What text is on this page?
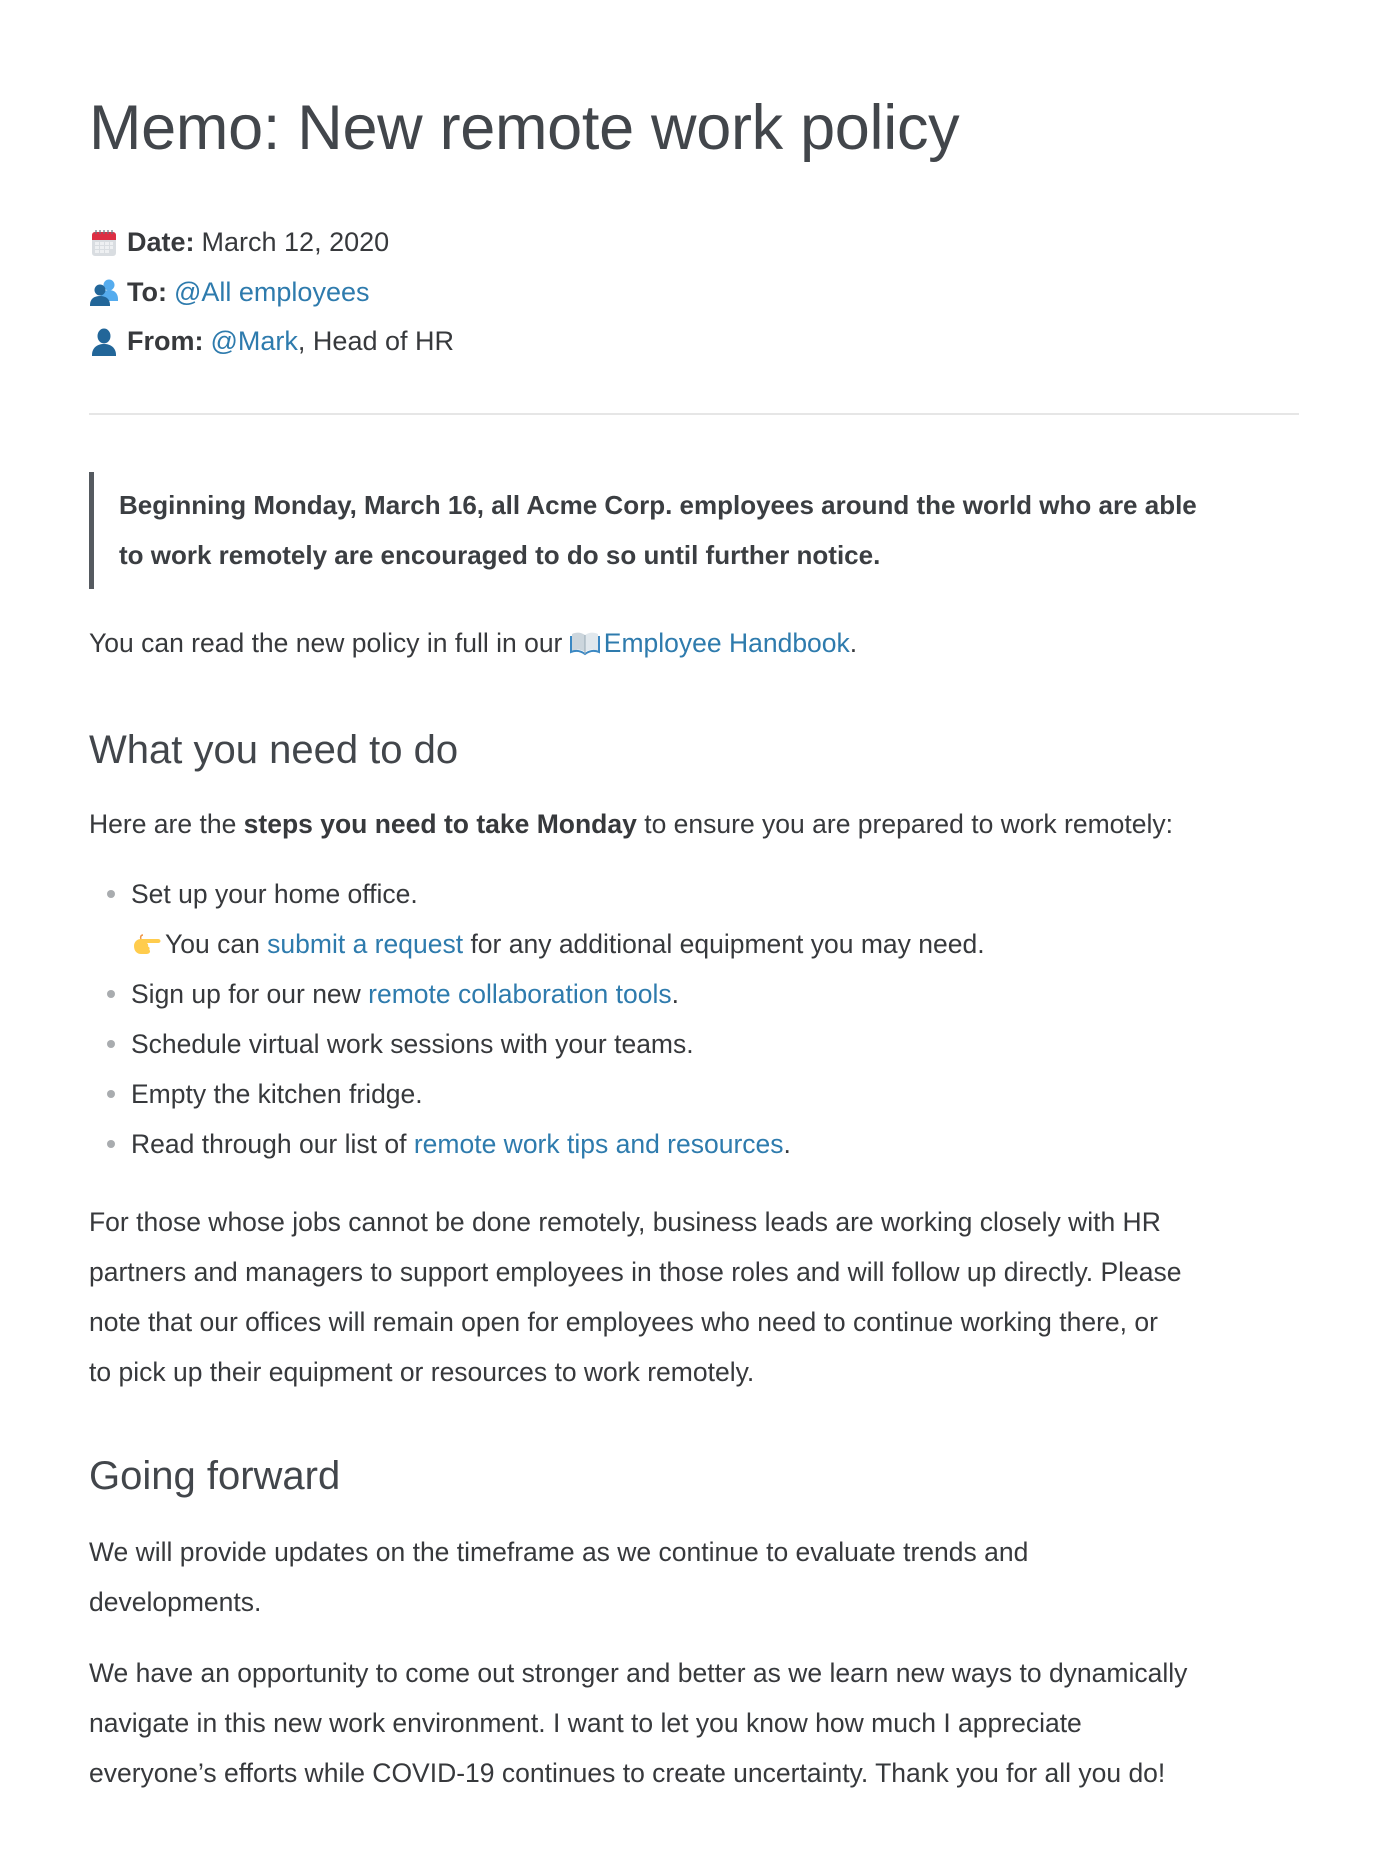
Memo: New remote work policy
Date: March 12, 2020
To: @All employees
From: @Mark , Head of HR

Beginning Monday, March 16, all Acme Corp. employees around the world who are able
to work remotely are encouraged to do so until further notice.

You can read the new policy in full in our Employee Handbook.

What you need to do

Here are the steps you need to take Monday to ensure you are prepared to work remotely:

Set up your home office.
You can submit a request for any additional equipment you may need.
Sign up for our new remote collaboration tools.
Schedule virtual work sessions with your teams.
Empty the kitchen fridge.
Read through our list of remote work tips and resources.

For those whose jobs cannot be done remotely, business leads are working closely with HR
partners and managers to support employees in those roles and will follow up directly. Please
note that our offices will remain open for employees who need to continue working there, or
to pick up their equipment or resources to work remotely.

Going forward

We will provide updates on the timeframe as we continue to evaluate trends and
developments.

We have an opportunity to come out stronger and better as we learn new ways to dynamically
navigate in this new work environment. I want to let you know how much I appreciate
everyone’s efforts while COVID-19 continues to create uncertainty. Thank you for all you do!
